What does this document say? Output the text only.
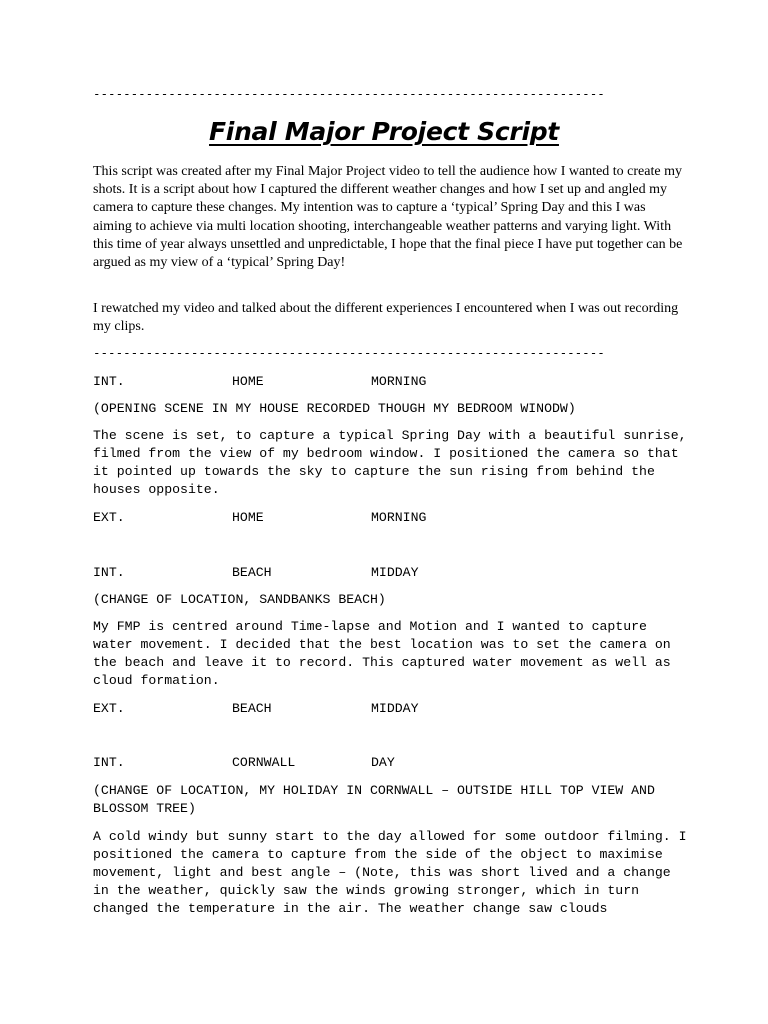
--------------------------------------------------------------------
Final Major Project Script
This script was created after my Final Major Project video to tell the audience how I wanted to create my shots. It is a script about how I captured the different weather changes and how I set up and angled my camera to capture these changes. My intention was to capture a ‘typical’ Spring Day and this I was aiming to achieve via multi location shooting, interchangeable weather patterns and varying light. With this time of year always unsettled and unpredictable, I hope that the final piece I have put together can be argued as my view of a ‘typical’ Spring Day!
I rewatched my video and talked about the different experiences I encountered when I was out recording my clips.
--------------------------------------------------------------------
INT.	HOME	MORNING
(OPENING SCENE IN MY HOUSE RECORDED THOUGH MY BEDROOM WINODW)
The scene is set, to capture a typical Spring Day with a beautiful sunrise, filmed from the view of my bedroom window. I positioned the camera so that it pointed up towards the sky to capture the sun rising from behind the houses opposite.
EXT.	HOME	MORNING
INT.	BEACH	MIDDAY
(CHANGE OF LOCATION, SANDBANKS BEACH)
My FMP is centred around Time-lapse and Motion and I wanted to capture water movement. I decided that the best location was to set the camera on the beach and leave it to record. This captured water movement as well as cloud formation.
EXT.	BEACH	MIDDAY
INT.	CORNWALL	DAY
(CHANGE OF LOCATION, MY HOLIDAY IN CORNWALL – OUTSIDE HILL TOP VIEW AND BLOSSOM TREE)
A cold windy but sunny start to the day allowed for some outdoor filming. I positioned the camera to capture from the side of the object to maximise movement, light and best angle – (Note, this was short lived and a change in the weather, quickly saw the winds growing stronger, which in turn changed the temperature in the air. The weather change saw clouds
